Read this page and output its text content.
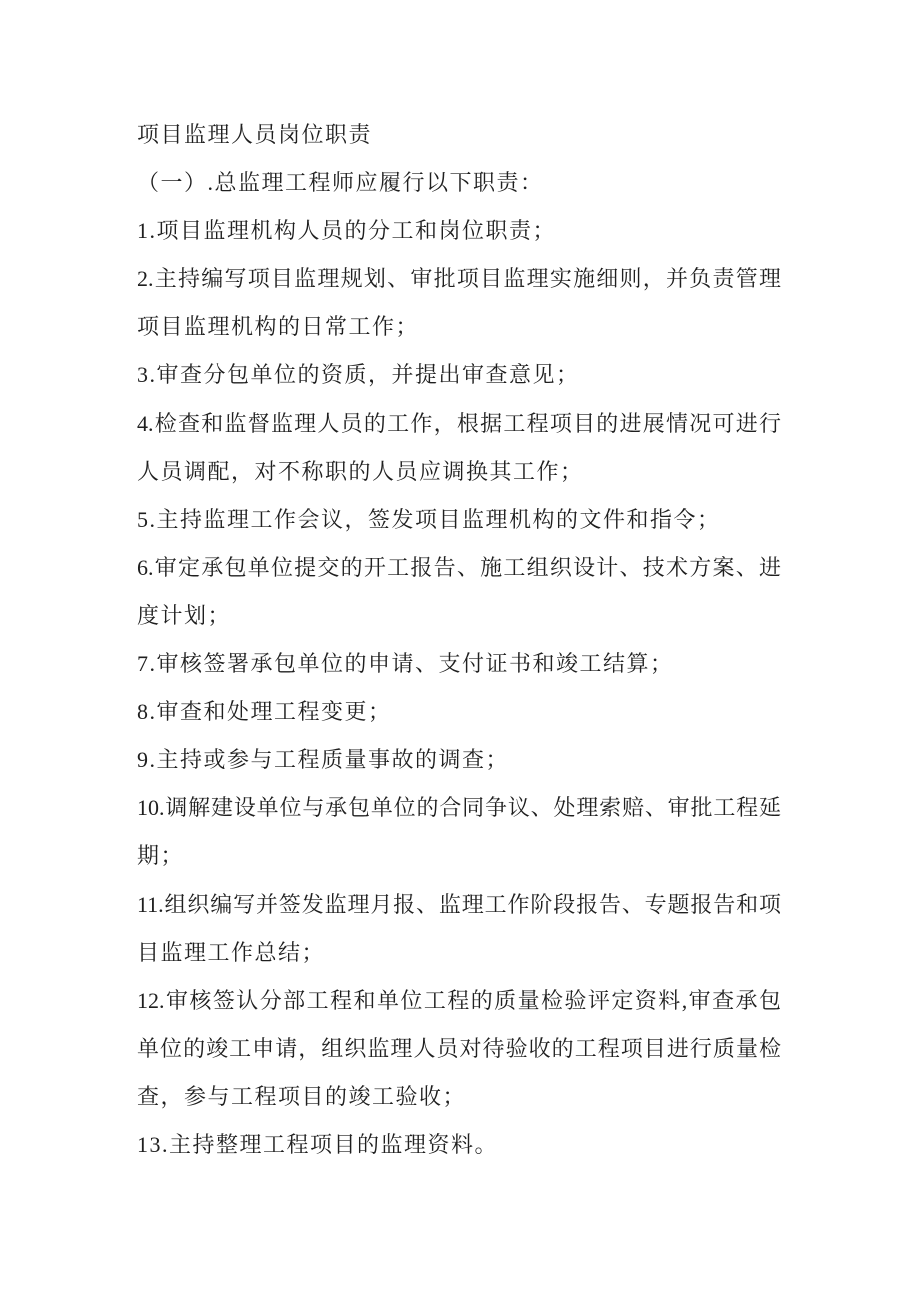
项目监理人员岗位职责
（一）.总监理工程师应履行以下职责：
1.项目监理机构人员的分工和岗位职责；
2.主持编写项目监理规划、审批项目监理实施细则，并负责管理
项目监理机构的日常工作；
3.审查分包单位的资质，并提出审查意见；
4.检查和监督监理人员的工作，根据工程项目的进展情况可进行
人员调配，对不称职的人员应调换其工作；
5.主持监理工作会议，签发项目监理机构的文件和指令；
6.审定承包单位提交的开工报告、施工组织设计、技术方案、进
度计划；
7.审核签署承包单位的申请、支付证书和竣工结算；
8.审查和处理工程变更；
9.主持或参与工程质量事故的调查；
10.调解建设单位与承包单位的合同争议、处理索赔、审批工程延
期；
11.组织编写并签发监理月报、监理工作阶段报告、专题报告和项
目监理工作总结；
12.审核签认分部工程和单位工程的质量检验评定资料,审查承包
单位的竣工申请，组织监理人员对待验收的工程项目进行质量检
查，参与工程项目的竣工验收；
13.主持整理工程项目的监理资料。
